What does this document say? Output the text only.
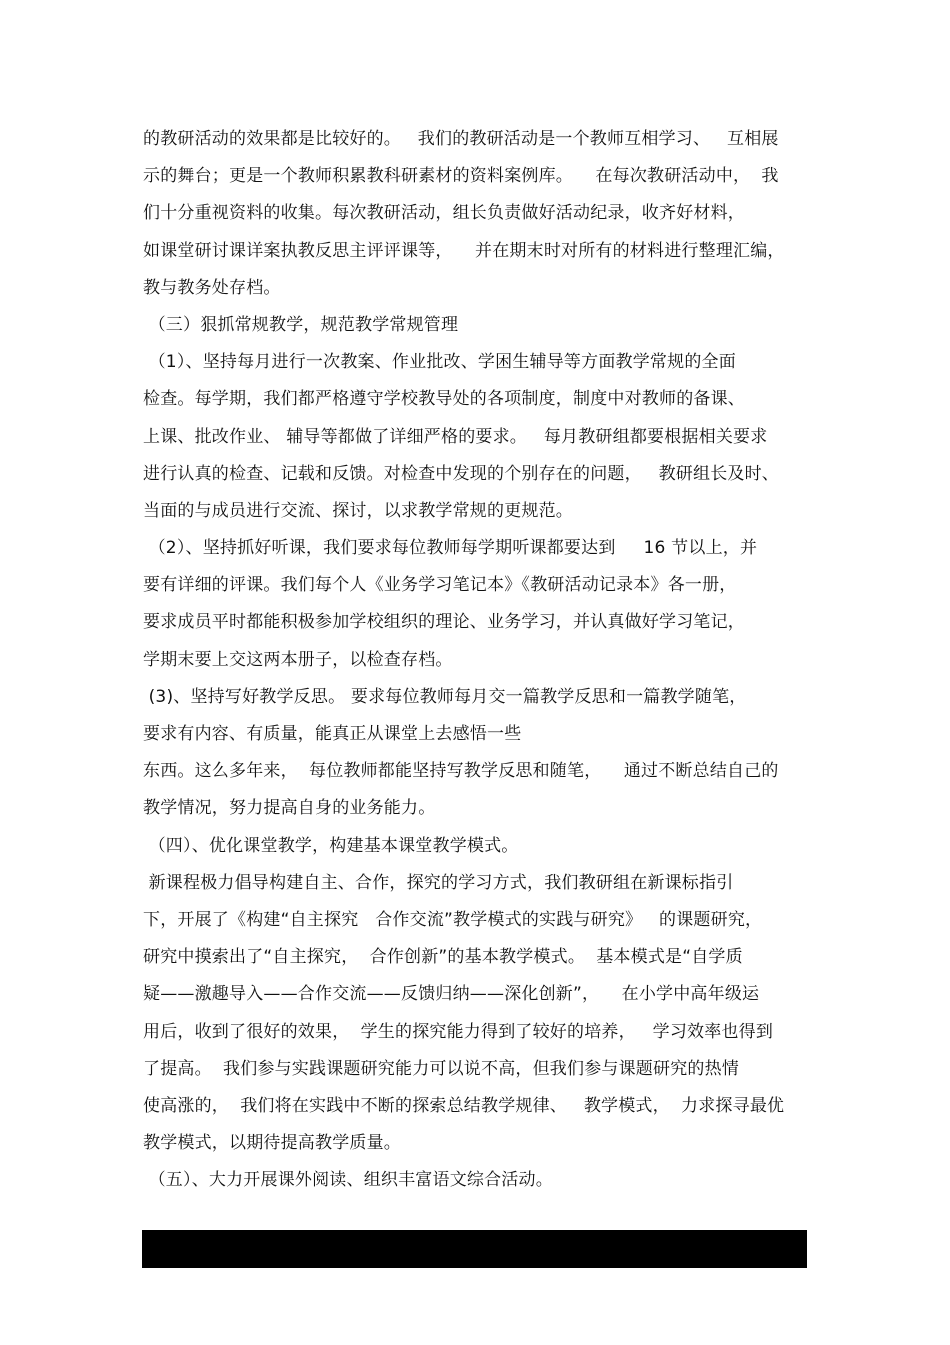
的教研活动的效果都是比较好的。   我们的教研活动是一个教师互相学习、   互相展
示的舞台；更是一个教师积累教科研素材的资料案例库。    在每次教研活动中，  我
们十分重视资料的收集。每次教研活动，组长负责做好活动纪录，收齐好材料，
如课堂研讨课详案执教反思主评评课等，    并在期末时对所有的材料进行整理汇编，
教与教务处存档。
（三）狠抓常规教学，规范教学常规管理
（1）、坚持每月进行一次教案、作业批改、学困生辅导等方面教学常规的全面
检查。每学期，我们都严格遵守学校教导处的各项制度，制度中对教师的备课、
上课、批改作业、 辅导等都做了详细严格的要求。   每月教研组都要根据相关要求
进行认真的检查、记载和反馈。对检查中发现的个别存在的问题，   教研组长及时、
当面的与成员进行交流、探讨，以求教学常规的更规范。
（2）、坚持抓好听课，我们要求每位教师每学期听课都要达到     16 节以上，并
要有详细的评课。我们每个人《业务学习笔记本》《教研活动记录本》各一册，
要求成员平时都能积极参加学校组织的理论、业务学习，并认真做好学习笔记，
学期末要上交这两本册子，以检查存档。
(3)、坚持写好教学反思。 要求每位教师每月交一篇教学反思和一篇教学随笔，
要求有内容、有质量，能真正从课堂上去感悟一些
东西。这么多年来，  每位教师都能坚持写教学反思和随笔，    通过不断总结自己的
教学情况，努力提高自身的业务能力。
（四）、优化课堂教学，构建基本课堂教学模式。
新课程极力倡导构建自主、合作，探究的学习方式，我们教研组在新课标指引
下，开展了《构建“自主探究   合作交流”教学模式的实践与研究》   的课题研究，
研究中摸索出了“自主探究，  合作创新”的基本教学模式。  基本模式是“自学质
疑——激趣导入——合作交流——反馈归纳——深化创新”，    在小学中高年级运
用后，收到了很好的效果，  学生的探究能力得到了较好的培养，   学习效率也得到
了提高。  我们参与实践课题研究能力可以说不高，但我们参与课题研究的热情
使高涨的，  我们将在实践中不断的探索总结教学规律、   教学模式，  力求探寻最优
教学模式，以期待提高教学质量。
（五）、大力开展课外阅读、组织丰富语文综合活动。
